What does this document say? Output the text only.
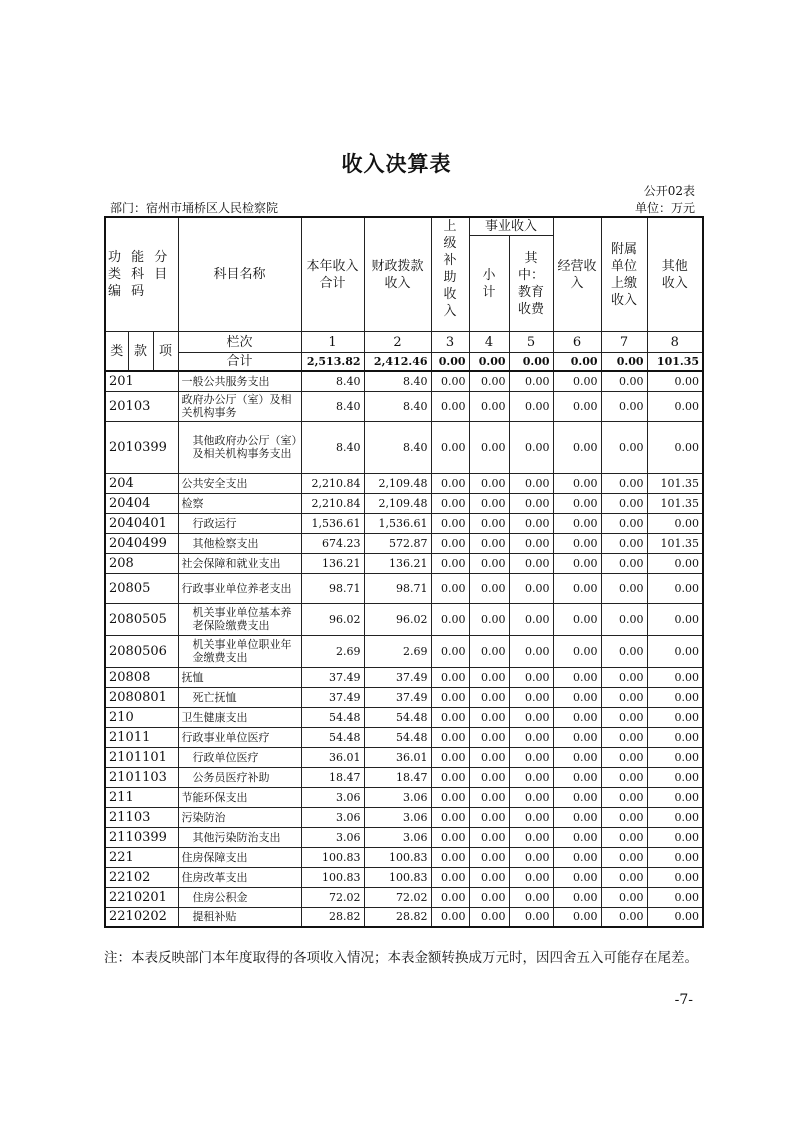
收入决算表
公开02表
部门：宿州市埇桥区人民检察院	单位：万元
功 能 分 类 科 目 编 码			科目名称	本年收入合计	财政拨款收入	上级补助收入	事业收入		经营收入	附属单位上缴收入	其他收入
							小计	其中：教育收费			
类	款	项	栏次	1	2	3	4	5	6	7	8
			合计	2,513.82	2,412.46	0.00	0.00	0.00	0.00	0.00	101.35
201			一般公共服务支出	8.40	8.40	0.00	0.00	0.00	0.00	0.00	0.00
20103			政府办公厅（室）及相关机构事务	8.40	8.40	0.00	0.00	0.00	0.00	0.00	0.00
2010399			其他政府办公厅（室）及相关机构事务支出	8.40	8.40	0.00	0.00	0.00	0.00	0.00	0.00
204			公共安全支出	2,210.84	2,109.48	0.00	0.00	0.00	0.00	0.00	101.35
20404			检察	2,210.84	2,109.48	0.00	0.00	0.00	0.00	0.00	101.35
2040401			行政运行	1,536.61	1,536.61	0.00	0.00	0.00	0.00	0.00	0.00
2040499			其他检察支出	674.23	572.87	0.00	0.00	0.00	0.00	0.00	101.35
208			社会保障和就业支出	136.21	136.21	0.00	0.00	0.00	0.00	0.00	0.00
20805			行政事业单位养老支出	98.71	98.71	0.00	0.00	0.00	0.00	0.00	0.00
2080505			机关事业单位基本养老保险缴费支出	96.02	96.02	0.00	0.00	0.00	0.00	0.00	0.00
2080506			机关事业单位职业年金缴费支出	2.69	2.69	0.00	0.00	0.00	0.00	0.00	0.00
20808			抚恤	37.49	37.49	0.00	0.00	0.00	0.00	0.00	0.00
2080801			死亡抚恤	37.49	37.49	0.00	0.00	0.00	0.00	0.00	0.00
210			卫生健康支出	54.48	54.48	0.00	0.00	0.00	0.00	0.00	0.00
21011			行政事业单位医疗	54.48	54.48	0.00	0.00	0.00	0.00	0.00	0.00
2101101			行政单位医疗	36.01	36.01	0.00	0.00	0.00	0.00	0.00	0.00
2101103			公务员医疗补助	18.47	18.47	0.00	0.00	0.00	0.00	0.00	0.00
211			节能环保支出	3.06	3.06	0.00	0.00	0.00	0.00	0.00	0.00
21103			污染防治	3.06	3.06	0.00	0.00	0.00	0.00	0.00	0.00
2110399			其他污染防治支出	3.06	3.06	0.00	0.00	0.00	0.00	0.00	0.00
221			住房保障支出	100.83	100.83	0.00	0.00	0.00	0.00	0.00	0.00
22102			住房改革支出	100.83	100.83	0.00	0.00	0.00	0.00	0.00	0.00
2210201			住房公积金	72.02	72.02	0.00	0.00	0.00	0.00	0.00	0.00
2210202			提租补贴	28.82	28.82	0.00	0.00	0.00	0.00	0.00	0.00
注：本表反映部门本年度取得的各项收入情况；本表金额转换成万元时，因四舍五入可能存在尾差。
-7-
